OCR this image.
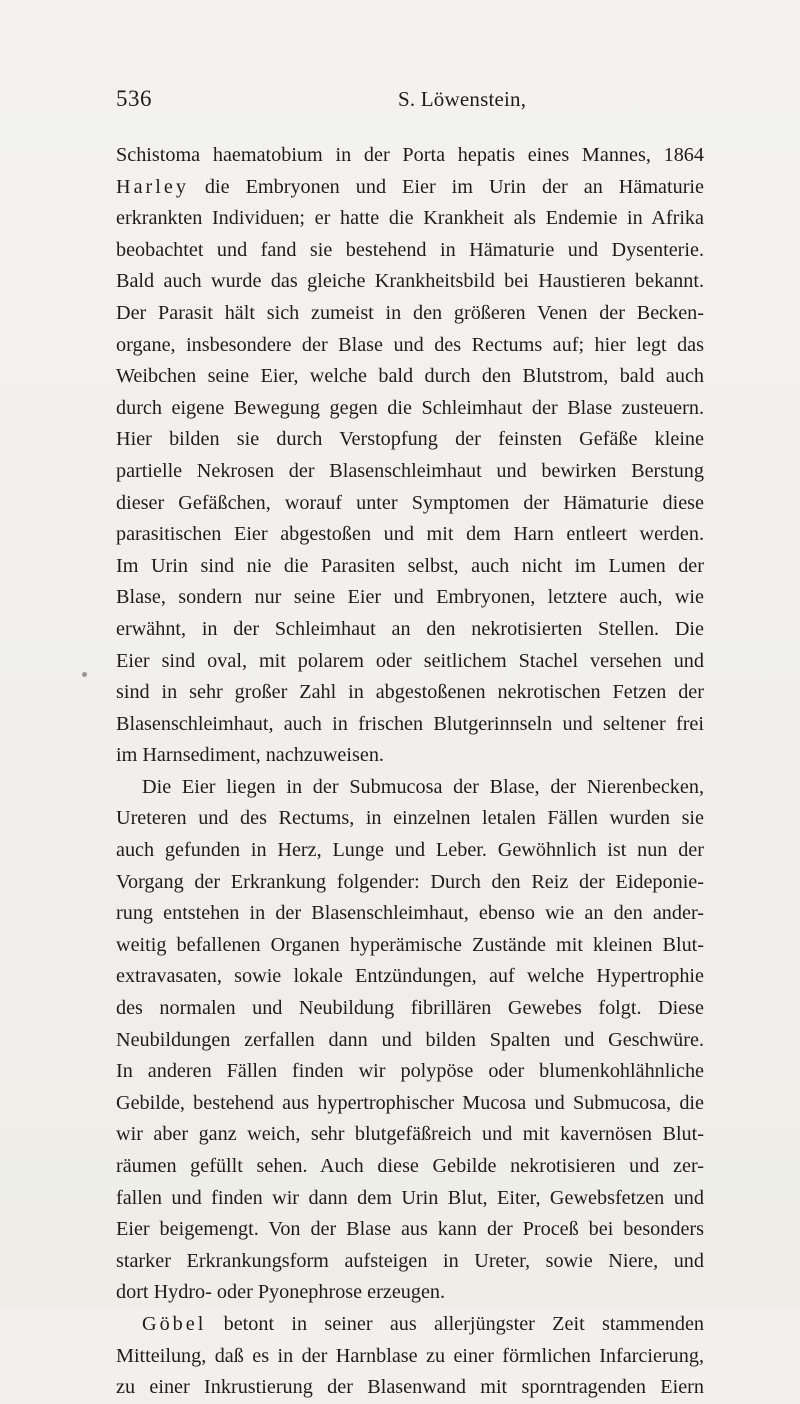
536	S. Löwenstein,
Schistoma haematobium in der Porta hepatis eines Mannes, 1864
Harley die Embryonen und Eier im Urin der an Hämaturie
erkrankten Individuen; er hatte die Krankheit als Endemie in Afrika
beobachtet und fand sie bestehend in Hämaturie und Dysenterie.
Bald auch wurde das gleiche Krankheitsbild bei Haustieren bekannt.
Der Parasit hält sich zumeist in den größeren Venen der Becken-
organe, insbesondere der Blase und des Rectums auf; hier legt das
Weibchen seine Eier, welche bald durch den Blutstrom, bald auch
durch eigene Bewegung gegen die Schleimhaut der Blase zusteuern.
Hier bilden sie durch Verstopfung der feinsten Gefäße kleine
partielle Nekrosen der Blasenschleimhaut und bewirken Berstung
dieser Gefäßchen, worauf unter Symptomen der Hämaturie diese
parasitischen Eier abgestoßen und mit dem Harn entleert werden.
Im Urin sind nie die Parasiten selbst, auch nicht im Lumen der
Blase, sondern nur seine Eier und Embryonen, letztere auch, wie
erwähnt, in der Schleimhaut an den nekrotisierten Stellen. Die
Eier sind oval, mit polarem oder seitlichem Stachel versehen und
sind in sehr großer Zahl in abgestoßenen nekrotischen Fetzen der
Blasenschleimhaut, auch in frischen Blutgerinnseln und seltener frei
im Harnsediment, nachzuweisen.
Die Eier liegen in der Submucosa der Blase, der Nierenbecken,
Ureteren und des Rectums, in einzelnen letalen Fällen wurden sie
auch gefunden in Herz, Lunge und Leber. Gewöhnlich ist nun der
Vorgang der Erkrankung folgender: Durch den Reiz der Eideponie-
rung entstehen in der Blasenschleimhaut, ebenso wie an den ander-
weitig befallenen Organen hyperämische Zustände mit kleinen Blut-
extravasaten, sowie lokale Entzündungen, auf welche Hypertrophie
des normalen und Neubildung fibrillären Gewebes folgt. Diese
Neubildungen zerfallen dann und bilden Spalten und Geschwüre.
In anderen Fällen finden wir polypöse oder blumenkohlähnliche
Gebilde, bestehend aus hypertrophischer Mucosa und Submucosa, die
wir aber ganz weich, sehr blutgefäßreich und mit kavernösen Blut-
räumen gefüllt sehen. Auch diese Gebilde nekrotisieren und zer-
fallen und finden wir dann dem Urin Blut, Eiter, Gewebsfetzen und
Eier beigemengt. Von der Blase aus kann der Proceß bei besonders
starker Erkrankungsform aufsteigen in Ureter, sowie Niere, und
dort Hydro- oder Pyonephrose erzeugen.
Göbel betont in seiner aus allerjüngster Zeit stammenden
Mitteilung, daß es in der Harnblase zu einer förmlichen Infarcierung,
zu einer Inkrustierung der Blasenwand mit sporntragenden Eiern
